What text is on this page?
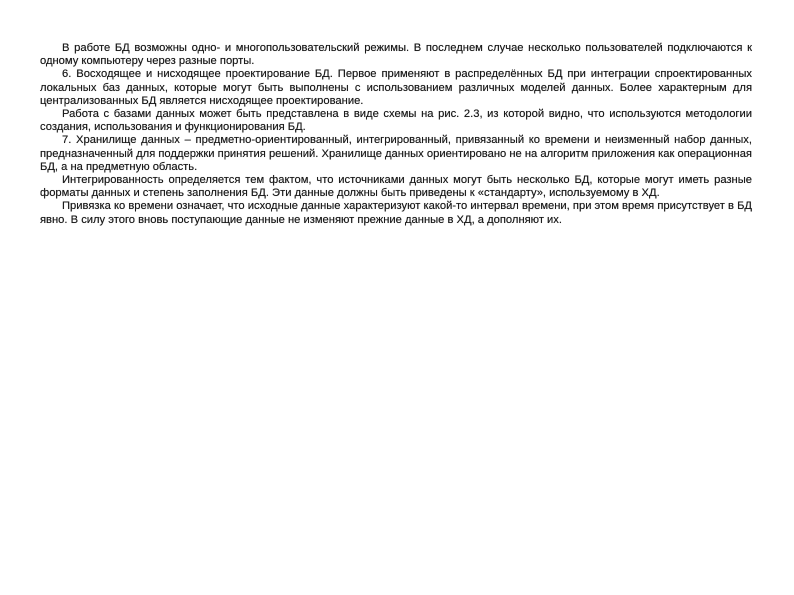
В работе БД возможны одно- и многопользовательский режимы. В последнем случае несколько пользователей подключаются к одному компьютеру через разные порты.

6. Восходящее и нисходящее проектирование БД. Первое применяют в распределённых БД при интеграции спроектированных локальных баз данных, которые могут быть выполнены с использованием различных моделей данных. Более характерным для централизованных БД является нисходящее проектирование.

Работа с базами данных может быть представлена в виде схемы на рис. 2.3, из которой видно, что используются методологии создания, использования и функционирования БД.

7. Хранилище данных – предметно-ориентированный, интегрированный, привязанный ко времени и неизменный набор данных, предназначенный для поддержки принятия решений. Хранилище данных ориентировано не на алгоритм приложения как операционная БД, а на предметную область.

Интегрированность определяется тем фактом, что источниками данных могут быть несколько БД, которые могут иметь разные форматы данных и степень заполнения БД. Эти данные должны быть приведены к «стандарту», используемому в ХД.

Привязка ко времени означает, что исходные данные характеризуют какой-то интервал времени, при этом время присутствует в БД явно. В силу этого вновь поступающие данные не изменяют прежние данные в ХД, а дополняют их.
